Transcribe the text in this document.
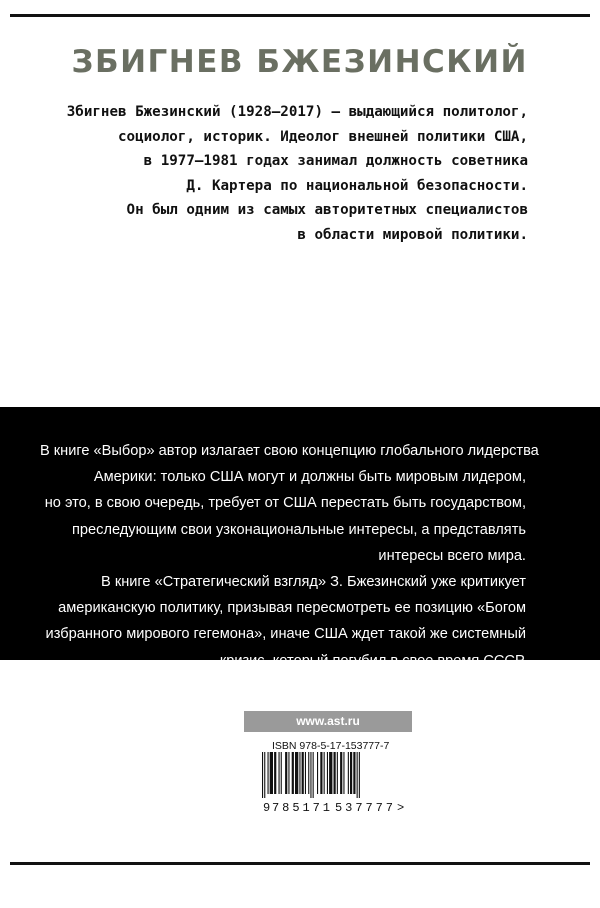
ЗБИГНЕВ БЖЕЗИНСКИЙ
Збигнев Бжезинский (1928—2017) — выдающийся политолог,
социолог, историк. Идеолог внешней политики США,
в 1977—1981 годах занимал должность советника
Д. Картера по национальной безопасности.
Он был одним из самых авторитетных специалистов
в области мировой политики.
В книге «Выбор» автор излагает свою концепцию глобального лидерства
Америки: только США могут и должны быть мировым лидером,
но это, в свою очередь, требует от США перестать быть государством,
преследующим свои узконациональные интересы, а представлять
интересы всего мира.
В книге «Стратегический взгляд» З. Бжезинский уже критикует
американскую политику, призывая пересмотреть ее позицию «Богом
избранного мирового гегемона», иначе США ждет такой же системный
кризис, который погубил в свое время СССР.
www.ast.ru
ISBN 978-5-17-153777-7
9 785171 537777 >
